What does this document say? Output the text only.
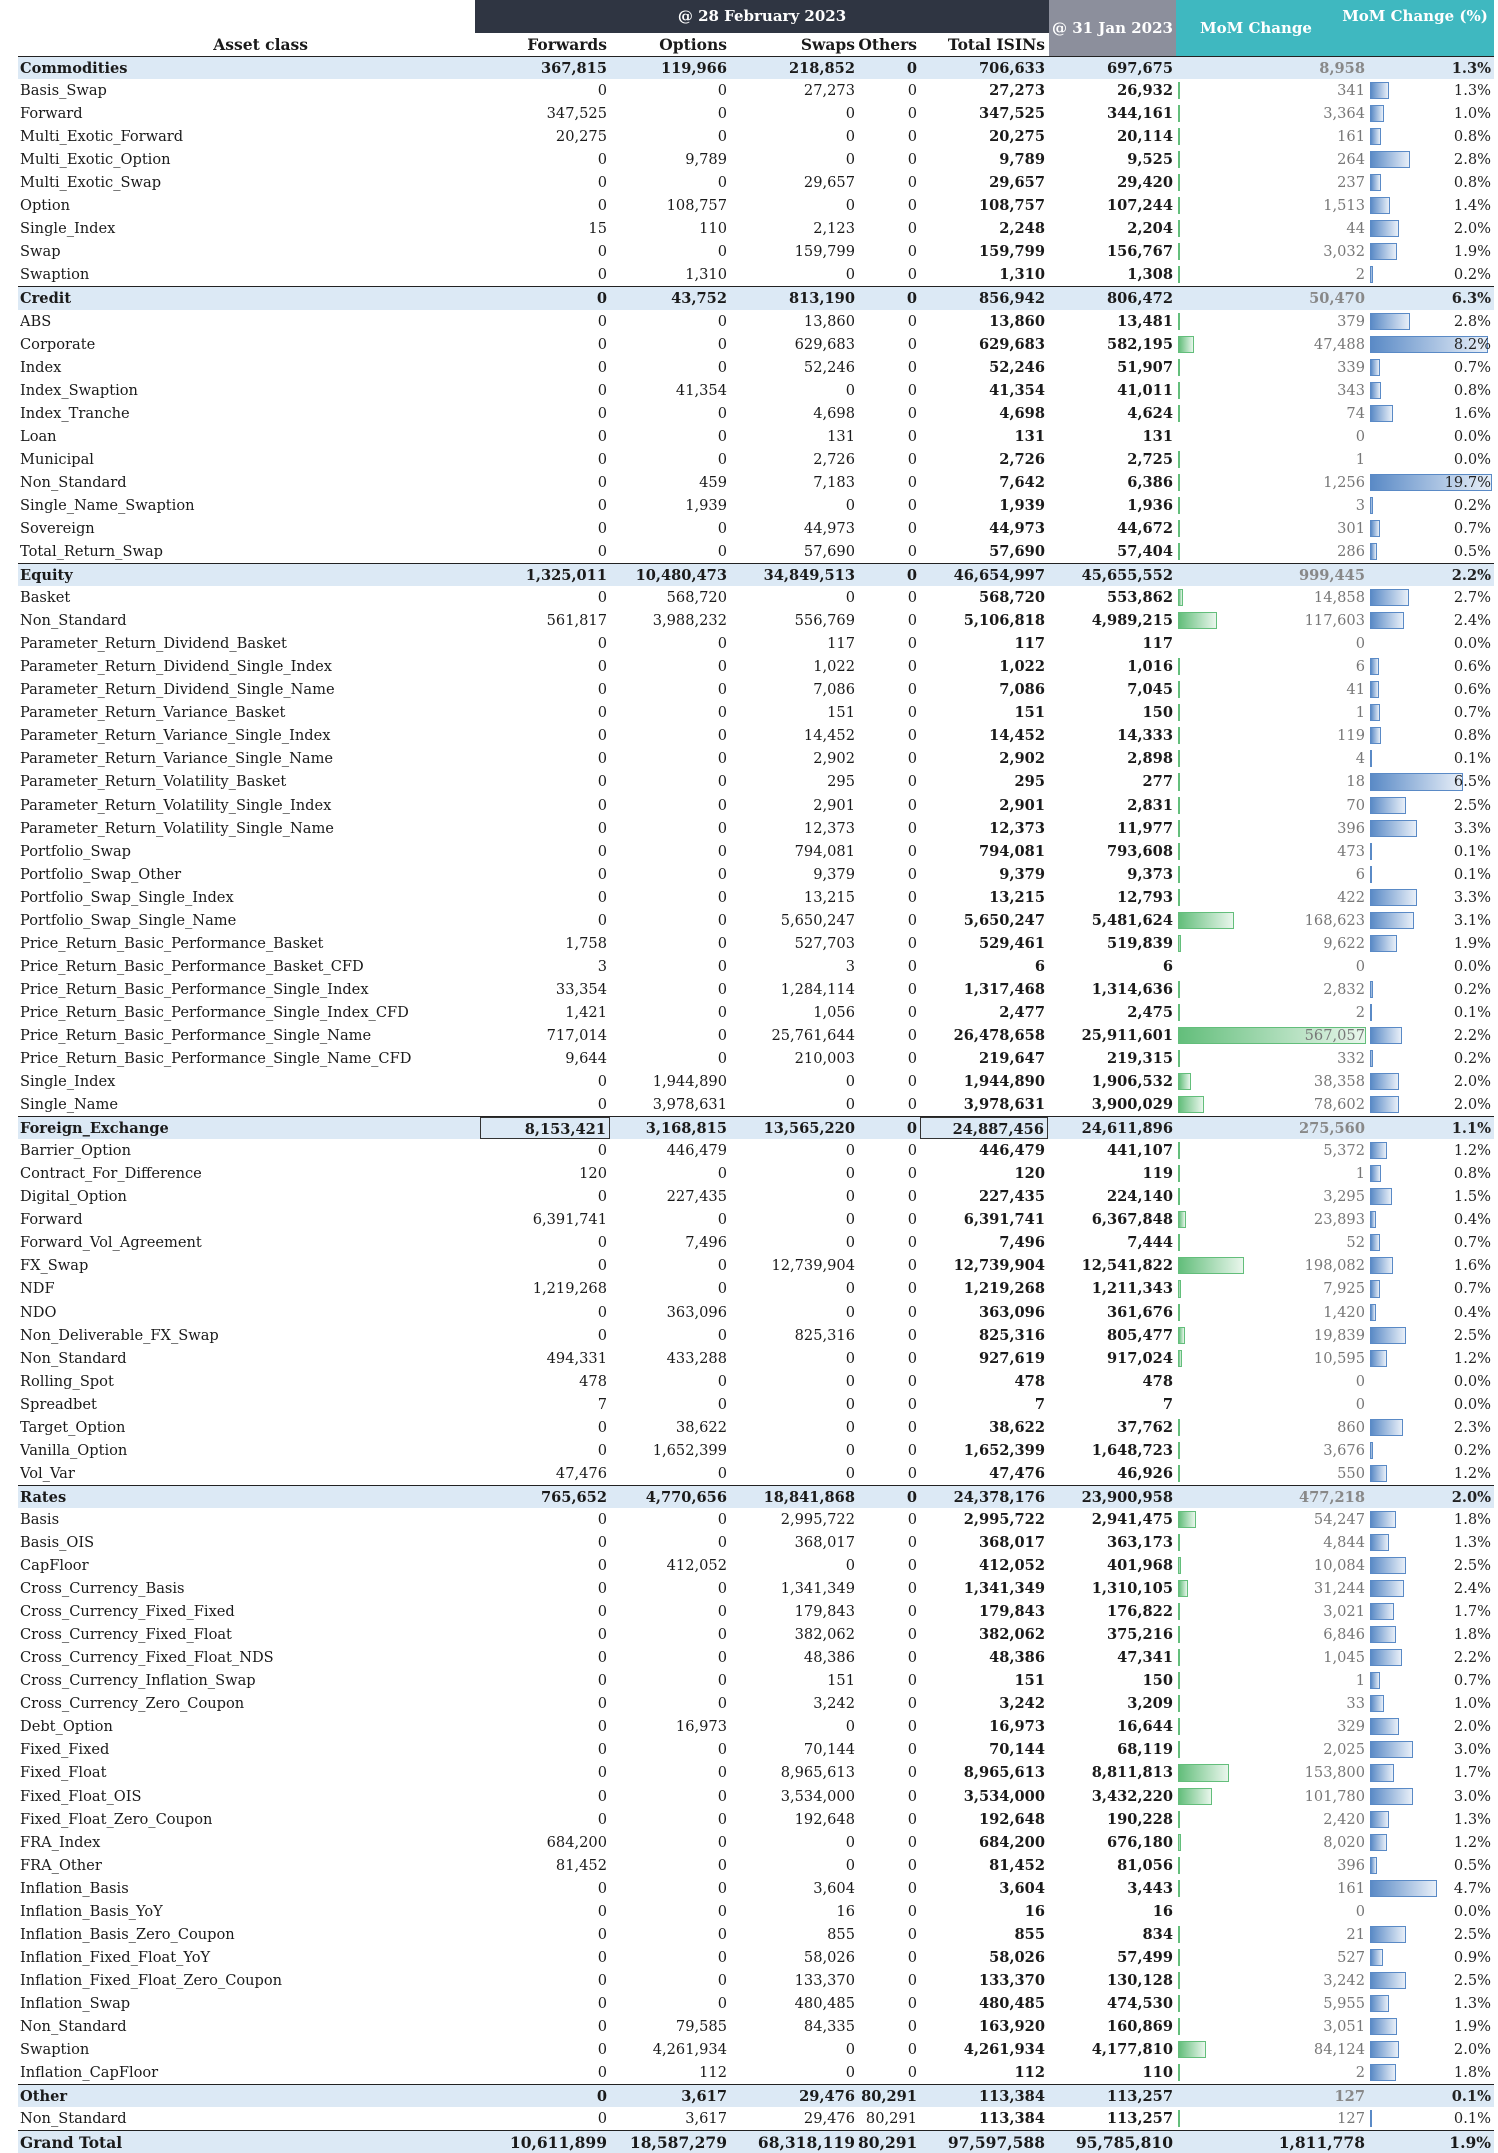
@ 28 February 2023
@ 31 Jan 2023	MoM Change
MoM Change (%)
Asset class	Forwards	Options	Swaps Others	Total ISINs
Commodities	367,815	119,966	218,852	0	706,633	697,675	8,958	1.3%
Basis_Swap	0	0	27,273	0	27,273	26,932	341	1.3%
Forward	347,525	0	0	0	347,525	344,161	3,364	1.0%
Multi_Exotic_Forward	20,275	0	0	0	20,275	20,114	161	0.8%
Multi_Exotic_Option	0	9,789	0	0	9,789	9,525	264	2.8%
Multi_Exotic_Swap	0	0	29,657	0	29,657	29,420	237	0.8%
Option	0	108,757	0	0	108,757	107,244	1,513	1.4%
Single_Index	15	110	2,123	0	2,248	2,204	44	2.0%
Swap	0	0	159,799	0	159,799	156,767	3,032	1.9%
Swaption	0	1,310	0	0	1,310	1,308	2	0.2%
Credit	0	43,752	813,190	0	856,942	806,472	50,470	6.3%
ABS	0	0	13,860	0	13,860	13,481	379	2.8%
Corporate	0	0	629,683	0	629,683	582,195	47,488	8.2%
Index	0	0	52,246	0	52,246	51,907	339	0.7%
Index_Swaption	0	41,354	0	0	41,354	41,011	343	0.8%
Index_Tranche	0	0	4,698	0	4,698	4,624	74	1.6%
Loan	0	0	131	0	131	131	0	0.0%
Municipal	0	0	2,726	0	2,726	2,725	1	0.0%
Non_Standard	0	459	7,183	0	7,642	6,386	1,256	19.7%
Single_Name_Swaption	0	1,939	0	0	1,939	1,936	3	0.2%
Sovereign	0	0	44,973	0	44,973	44,672	301	0.7%
Total_Return_Swap	0	0	57,690	0	57,690	57,404	286	0.5%
Equity	1,325,011	10,480,473	34,849,513	0	46,654,997	45,655,552	999,445	2.2%
Basket	0	568,720	0	0	568,720	553,862	14,858	2.7%
Non_Standard	561,817	3,988,232	556,769	0	5,106,818	4,989,215	117,603	2.4%
Parameter_Return_Dividend_Basket	0	0	117	0	117	117	0	0.0%
Parameter_Return_Dividend_Single_Index	0	0	1,022	0	1,022	1,016	6	0.6%
Parameter_Return_Dividend_Single_Name	0	0	7,086	0	7,086	7,045	41	0.6%
Parameter_Return_Variance_Basket	0	0	151	0	151	150	1	0.7%
Parameter_Return_Variance_Single_Index	0	0	14,452	0	14,452	14,333	119	0.8%
Parameter_Return_Variance_Single_Name	0	0	2,902	0	2,902	2,898	4	0.1%
Parameter_Return_Volatility_Basket	0	0	295	0	295	277	18	6.5%
Parameter_Return_Volatility_Single_Index	0	0	2,901	0	2,901	2,831	70	2.5%
Parameter_Return_Volatility_Single_Name	0	0	12,373	0	12,373	11,977	396	3.3%
Portfolio_Swap	0	0	794,081	0	794,081	793,608	473	0.1%
Portfolio_Swap_Other	0	0	9,379	0	9,379	9,373	6	0.1%
Portfolio_Swap_Single_Index	0	0	13,215	0	13,215	12,793	422	3.3%
Portfolio_Swap_Single_Name	0	0	5,650,247	0	5,650,247	5,481,624	168,623	3.1%
Price_Return_Basic_Performance_Basket	1,758	0	527,703	0	529,461	519,839	9,622	1.9%
Price_Return_Basic_Performance_Basket_CFD	3	0	3	0	6	6	0	0.0%
Price_Return_Basic_Performance_Single_Index	33,354	0	1,284,114	0	1,317,468	1,314,636	2,832	0.2%
Price_Return_Basic_Performance_Single_Index_CFD	1,421	0	1,056	0	2,477	2,475	2	0.1%
Price_Return_Basic_Performance_Single_Name	717,014	0	25,761,644	0	26,478,658	25,911,601	567,057	2.2%
Price_Return_Basic_Performance_Single_Name_CFD	9,644	0	210,003	0	219,647	219,315	332	0.2%
Single_Index	0	1,944,890	0	0	1,944,890	1,906,532	38,358	2.0%
Single_Name	0	3,978,631	0	0	3,978,631	3,900,029	78,602	2.0%
Foreign_Exchange	8,153,421	3,168,815	13,565,220	0	24,887,456	24,611,896	275,560	1.1%
Barrier_Option	0	446,479	0	0	446,479	441,107	5,372	1.2%
Contract_For_Difference	120	0	0	0	120	119	1	0.8%
Digital_Option	0	227,435	0	0	227,435	224,140	3,295	1.5%
Forward	6,391,741	0	0	0	6,391,741	6,367,848	23,893	0.4%
Forward_Vol_Agreement	0	7,496	0	0	7,496	7,444	52	0.7%
FX_Swap	0	0	12,739,904	0	12,739,904	12,541,822	198,082	1.6%
NDF	1,219,268	0	0	0	1,219,268	1,211,343	7,925	0.7%
NDO	0	363,096	0	0	363,096	361,676	1,420	0.4%
Non_Deliverable_FX_Swap	0	0	825,316	0	825,316	805,477	19,839	2.5%
Non_Standard	494,331	433,288	0	0	927,619	917,024	10,595	1.2%
Rolling_Spot	478	0	0	0	478	478	0	0.0%
Spreadbet	7	0	0	0	7	7	0	0.0%
Target_Option	0	38,622	0	0	38,622	37,762	860	2.3%
Vanilla_Option	0	1,652,399	0	0	1,652,399	1,648,723	3,676	0.2%
Vol_Var	47,476	0	0	0	47,476	46,926	550	1.2%
Rates	765,652	4,770,656	18,841,868	0	24,378,176	23,900,958	477,218	2.0%
Basis	0	0	2,995,722	0	2,995,722	2,941,475	54,247	1.8%
Basis_OIS	0	0	368,017	0	368,017	363,173	4,844	1.3%
CapFloor	0	412,052	0	0	412,052	401,968	10,084	2.5%
Cross_Currency_Basis	0	0	1,341,349	0	1,341,349	1,310,105	31,244	2.4%
Cross_Currency_Fixed_Fixed	0	0	179,843	0	179,843	176,822	3,021	1.7%
Cross_Currency_Fixed_Float	0	0	382,062	0	382,062	375,216	6,846	1.8%
Cross_Currency_Fixed_Float_NDS	0	0	48,386	0	48,386	47,341	1,045	2.2%
Cross_Currency_Inflation_Swap	0	0	151	0	151	150	1	0.7%
Cross_Currency_Zero_Coupon	0	0	3,242	0	3,242	3,209	33	1.0%
Debt_Option	0	16,973	0	0	16,973	16,644	329	2.0%
Fixed_Fixed	0	0	70,144	0	70,144	68,119	2,025	3.0%
Fixed_Float	0	0	8,965,613	0	8,965,613	8,811,813	153,800	1.7%
Fixed_Float_OIS	0	0	3,534,000	0	3,534,000	3,432,220	101,780	3.0%
Fixed_Float_Zero_Coupon	0	0	192,648	0	192,648	190,228	2,420	1.3%
FRA_Index	684,200	0	0	0	684,200	676,180	8,020	1.2%
FRA_Other	81,452	0	0	0	81,452	81,056	396	0.5%
Inflation_Basis	0	0	3,604	0	3,604	3,443	161	4.7%
Inflation_Basis_YoY	0	0	16	0	16	16	0	0.0%
Inflation_Basis_Zero_Coupon	0	0	855	0	855	834	21	2.5%
Inflation_Fixed_Float_YoY	0	0	58,026	0	58,026	57,499	527	0.9%
Inflation_Fixed_Float_Zero_Coupon	0	0	133,370	0	133,370	130,128	3,242	2.5%
Inflation_Swap	0	0	480,485	0	480,485	474,530	5,955	1.3%
Non_Standard	0	79,585	84,335	0	163,920	160,869	3,051	1.9%
Swaption	0	4,261,934	0	0	4,261,934	4,177,810	84,124	2.0%
Inflation_CapFloor	0	112	0	0	112	110	2	1.8%
Other	0	3,617	29,476 80,291	113,384	113,257	127	0.1%
Non_Standard	0	3,617	29,476 80,291	113,384	113,257	127	0.1%
Grand Total	10,611,899	18,587,279	68,318,119 80,291	97,597,588	95,785,810	1,811,778	1.9%
